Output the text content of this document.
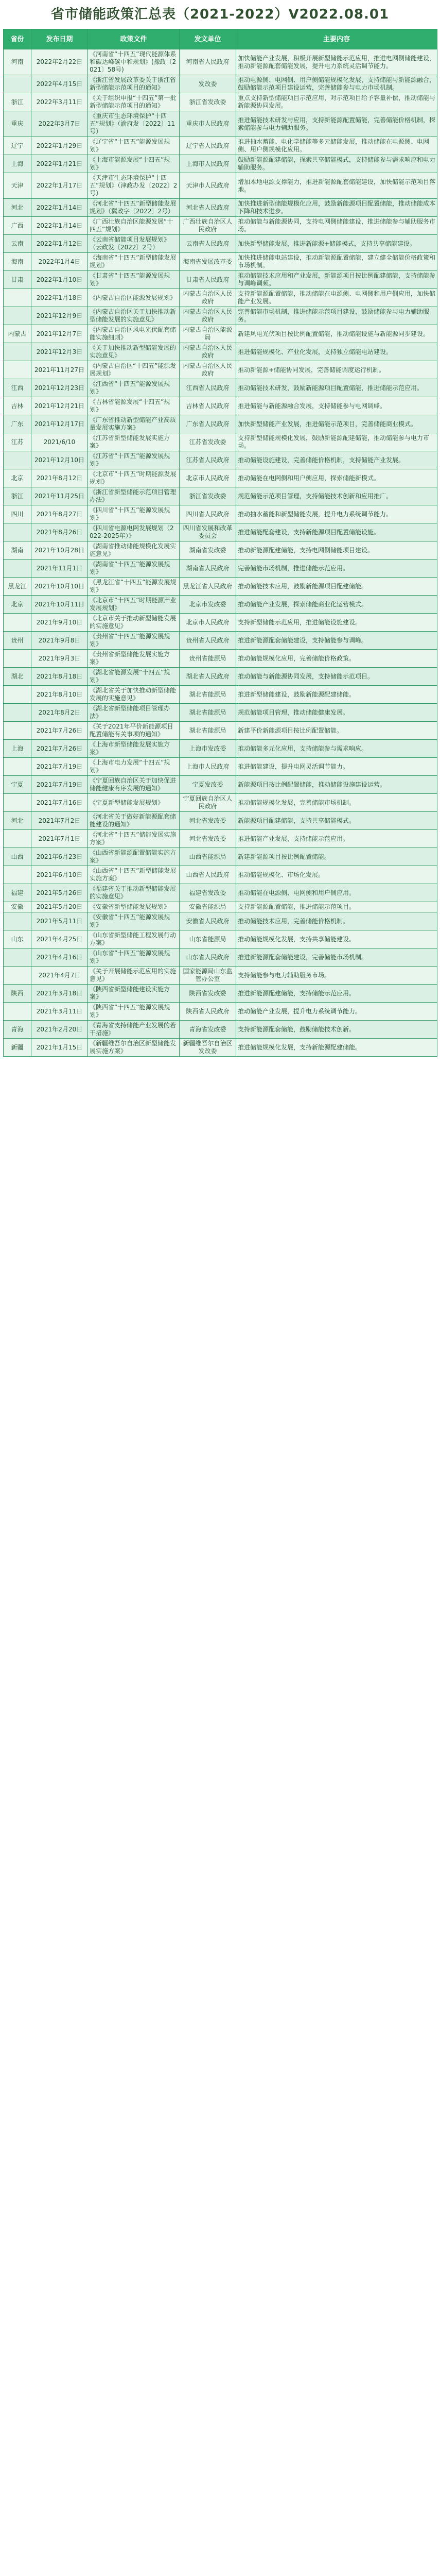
省市储能政策汇总表（2021-2022）V2022.08.01
省份	发布日期	政策文件	发文单位	主要内容
河南	2022年2月22日	《河南省“十四五”现代能源体系和碳达峰碳中和规划》(豫政〔2021〕58号)	河南省人民政府	加快储能产业发展，积极开展新型储能示范应用，推进电网侧储能建设，推动新能源配套储能发展，提升电力系统灵活调节能力。
	2022年4月15日	《浙江省发展改革委关于浙江省新型储能示范项目的通知》	发改委	推动电源侧、电网侧、用户侧储能规模化发展，支持储能与新能源融合，鼓励储能示范项目建设运营，完善储能参与电力市场机制。
浙江	2022年3月11日	《关于组织申报“十四五”第一批新型储能示范项目的通知》	浙江省发改委	重点支持新型储能项目示范应用，对示范项目给予容量补偿，推动储能与新能源协同发展。
重庆	2022年3月7日	《重庆市生态环境保护“十四五”规划》（渝府发〔2022〕11号）	重庆市人民政府	推进储能技术研发与应用，支持新能源配置储能，完善储能价格机制，探索储能参与电力辅助服务。
辽宁	2022年1月29日	《辽宁省“十四五”能源发展规划》	辽宁省人民政府	推进抽水蓄能、电化学储能等多元储能发展，推动储能在电源侧、电网侧、用户侧规模化应用。
上海	2022年1月21日	《上海市能源发展“十四五”规划》	上海市人民政府	鼓励新能源配建储能，探索共享储能模式，支持储能参与需求响应和电力辅助服务。
天津	2022年1月17日	《天津市生态环境保护“十四五”规划》（津政办发〔2022〕2号）	天津市人民政府	增加本地电源支撑能力，推进新能源配套储能建设，加快储能示范项目落地。
河北	2022年1月14日	《河北省“十四五”新型储能发展规划》（冀政字〔2022〕2号）	河北省人民政府	加快推进新型储能规模化应用，鼓励新能源项目配置储能，推动储能成本下降和技术进步。
广西	2022年1月14日	《广西壮族自治区能源发展“十四五”规划》	广西壮族自治区人民政府	推动储能与新能源协同，支持电网侧储能建设，推进储能参与辅助服务市场。
云南	2022年1月12日	《云南省储能项目发展规划》（云政发〔2022〕2号）	云南省人民政府	加快新型储能发展，推进新能源+储能模式，支持共享储能建设。
海南	2022年1月4日	《海南省“十四五”新型储能发展规划》	海南省发展改革委	加快推进储能电站建设，推动新能源配置储能，建立健全储能价格政策和市场机制。
甘肃	2022年1月10日	《甘肃省“十四五”能源发展规划》	甘肃省人民政府	推动储能技术应用和产业发展，新能源项目按比例配建储能，支持储能参与调峰调频。
	2022年1月18日	《内蒙古自治区能源发展规划》	内蒙古自治区人民政府	支持新能源配置储能，推动储能在电源侧、电网侧和用户侧应用，加快储能产业发展。
	2021年12月9日	《内蒙古自治区关于加快推动新型储能发展的实施意见》	内蒙古自治区人民政府	完善储能市场机制，推进储能示范项目建设，鼓励储能参与电力辅助服务。
内蒙古	2021年12月7日	《内蒙古自治区风电光伏配套储能实施细则》	内蒙古自治区能源局	新建风电光伏项目按比例配置储能，推动储能设施与新能源同步建设。
	2021年12月3日	《关于加快推动新型储能发展的实施意见》	内蒙古自治区人民政府	推进储能规模化、产业化发展，支持独立储能电站建设。
	2021年11月27日	《内蒙古自治区“十四五”能源发展规划》	内蒙古自治区人民政府	推动新能源+储能协同发展，完善储能调度运行机制。
江西	2021年12月23日	《江西省“十四五”能源发展规划》	江西省人民政府	推动储能技术研发，鼓励新能源项目配置储能，推进储能示范应用。
吉林	2021年12月21日	《吉林省能源发展“十四五”规划》	吉林省人民政府	推进储能与新能源融合发展，支持储能参与电网调峰。
广东	2021年12月17日	《广东省推动新型储能产业高质量发展实施方案》	广东省人民政府	加快新型储能产业发展，推进储能示范项目，完善储能商业模式。
江苏	2021/6/10	《江苏省新型储能发展实施方案》	江苏省发改委	支持新型储能规模化发展，鼓励新能源配建储能，推动储能参与电力市场。
	2021年12月10日	《江苏省“十四五”能源发展规划》	江苏省人民政府	推动储能设施建设，完善储能价格机制，支持储能产业发展。
北京	2021年8月12日	《北京市“十四五”时期能源发展规划》	北京市人民政府	推动储能在电网侧和用户侧应用，探索储能新模式。
浙江	2021年11月25日	《浙江省新型储能示范项目管理办法》	浙江省发改委	规范储能示范项目管理，支持储能技术创新和应用推广。
四川	2021年8月27日	《四川省“十四五”能源发展规划》	四川省人民政府	推动抽水蓄能和新型储能发展，提升电力系统调节能力。
	2021年8月26日	《四川省电源电网发展规划（2022-2025年）》	四川省发展和改革委员会	推进储能配套建设，支持新能源项目配置储能设施。
湖南	2021年10月28日	《湖南省推动储能规模化发展实施意见》	湖南省发改委	推动新能源配建储能，支持电网侧储能项目建设。
	2021年11月1日	《湖南省“十四五”能源发展规划》	湖南省人民政府	完善储能市场机制，推进储能示范应用。
黑龙江	2021年10月10日	《黑龙江省“十四五”能源发展规划》	黑龙江省人民政府	推动储能技术应用，鼓励新能源项目配建储能。
北京	2021年10月11日	《北京市“十四五”时期能源产业发展规划》	北京市发改委	推动储能产业发展，探索储能商业化运营模式。
	2021年9月10日	《北京市关于推动新型储能发展的实施意见》	北京市人民政府	支持新型储能示范应用，推进储能设施建设。
贵州	2021年9月8日	《贵州省“十四五”能源发展规划》	贵州省人民政府	推进新能源配套储能建设，支持储能参与调峰。
	2021年9月3日	《贵州省新型储能发展实施方案》	贵州省能源局	推动储能规模化应用，完善储能价格政策。
湖北	2021年8月18日	《湖北省能源发展“十四五”规划》	湖北省人民政府	推动储能与新能源协同发展，支持储能示范项目。
	2021年8月10日	《湖北省关于加快推动新型储能发展的实施意见》	湖北省能源局	推进新型储能建设，鼓励新能源配建储能。
	2021年8月2日	《湖北省新型储能项目管理办法》	湖北省能源局	规范储能项目管理，推动储能健康发展。
	2021年7月26日	《关于2021年平价新能源项目配置储能有关事项的通知》	湖北省能源局	新建平价新能源项目按比例配置储能。
上海	2021年7月26日	《上海市新型储能发展实施方案》	上海市发改委	推动储能多元化应用，支持储能参与需求响应。
	2021年7月19日	《上海市电力发展“十四五”规划》	上海市人民政府	推进储能建设，提升电网灵活调节能力。
宁夏	2021年7月19日	《宁夏回族自治区关于加快促进储能健康有序发展的通知》	宁夏发改委	新能源项目按比例配置储能，推动储能设施建设运营。
	2021年7月16日	《宁夏新型储能发展规划》	宁夏回族自治区人民政府	推动储能规模化发展，完善储能市场机制。
河北	2021年7月2日	《河北省关于做好新能源配套储能建设的通知》	河北省发改委	新能源项目配建储能，支持共享储能模式。
	2021年7月1日	《河北省“十四五”储能发展实施方案》	河北省发改委	推进储能产业发展，支持储能示范应用。
山西	2021年6月23日	《山西省新能源配置储能实施方案》	山西省能源局	新建新能源项目按比例配置储能。
	2021年6月10日	《山西省“十四五”新型储能发展实施方案》	山西省人民政府	推动储能规模化、市场化发展。
福建	2021年5月26日	《福建省关于推动新型储能发展的实施意见》	福建省发改委	推动储能在电源侧、电网侧和用户侧应用。
安徽	2021年5月20日	《安徽省新型储能发展规划》	安徽省能源局	支持新能源配置储能，推进储能示范项目。
	2021年5月11日	《安徽省“十四五”能源发展规划》	安徽省人民政府	推动储能技术应用，完善储能价格机制。
山东	2021年4月25日	《山东省新型储能工程发展行动方案》	山东省能源局	推动储能规模化发展，支持共享储能建设。
	2021年4月16日	《山东省“十四五”能源发展规划》	山东省人民政府	推进新能源配套储能建设，完善储能市场机制。
	2021年4月7日	《关于开展储能示范应用的实施意见》	国家能源局山东监管办公室	支持储能参与电力辅助服务市场。
陕西	2021年3月18日	《陕西省新型储能建设实施方案》	陕西省发改委	推进新能源配建储能，支持储能示范应用。
	2021年3月11日	《陕西省“十四五”能源发展规划》	陕西省人民政府	推动储能产业发展，提升电力系统调节能力。
青海	2021年2月20日	《青海省支持储能产业发展的若干措施》	青海省发改委	支持新能源配套储能，鼓励储能技术创新。
新疆	2021年1月15日	《新疆维吾尔自治区新型储能发展实施方案》	新疆维吾尔自治区发改委	推进储能规模化发展，支持新能源配建储能。
